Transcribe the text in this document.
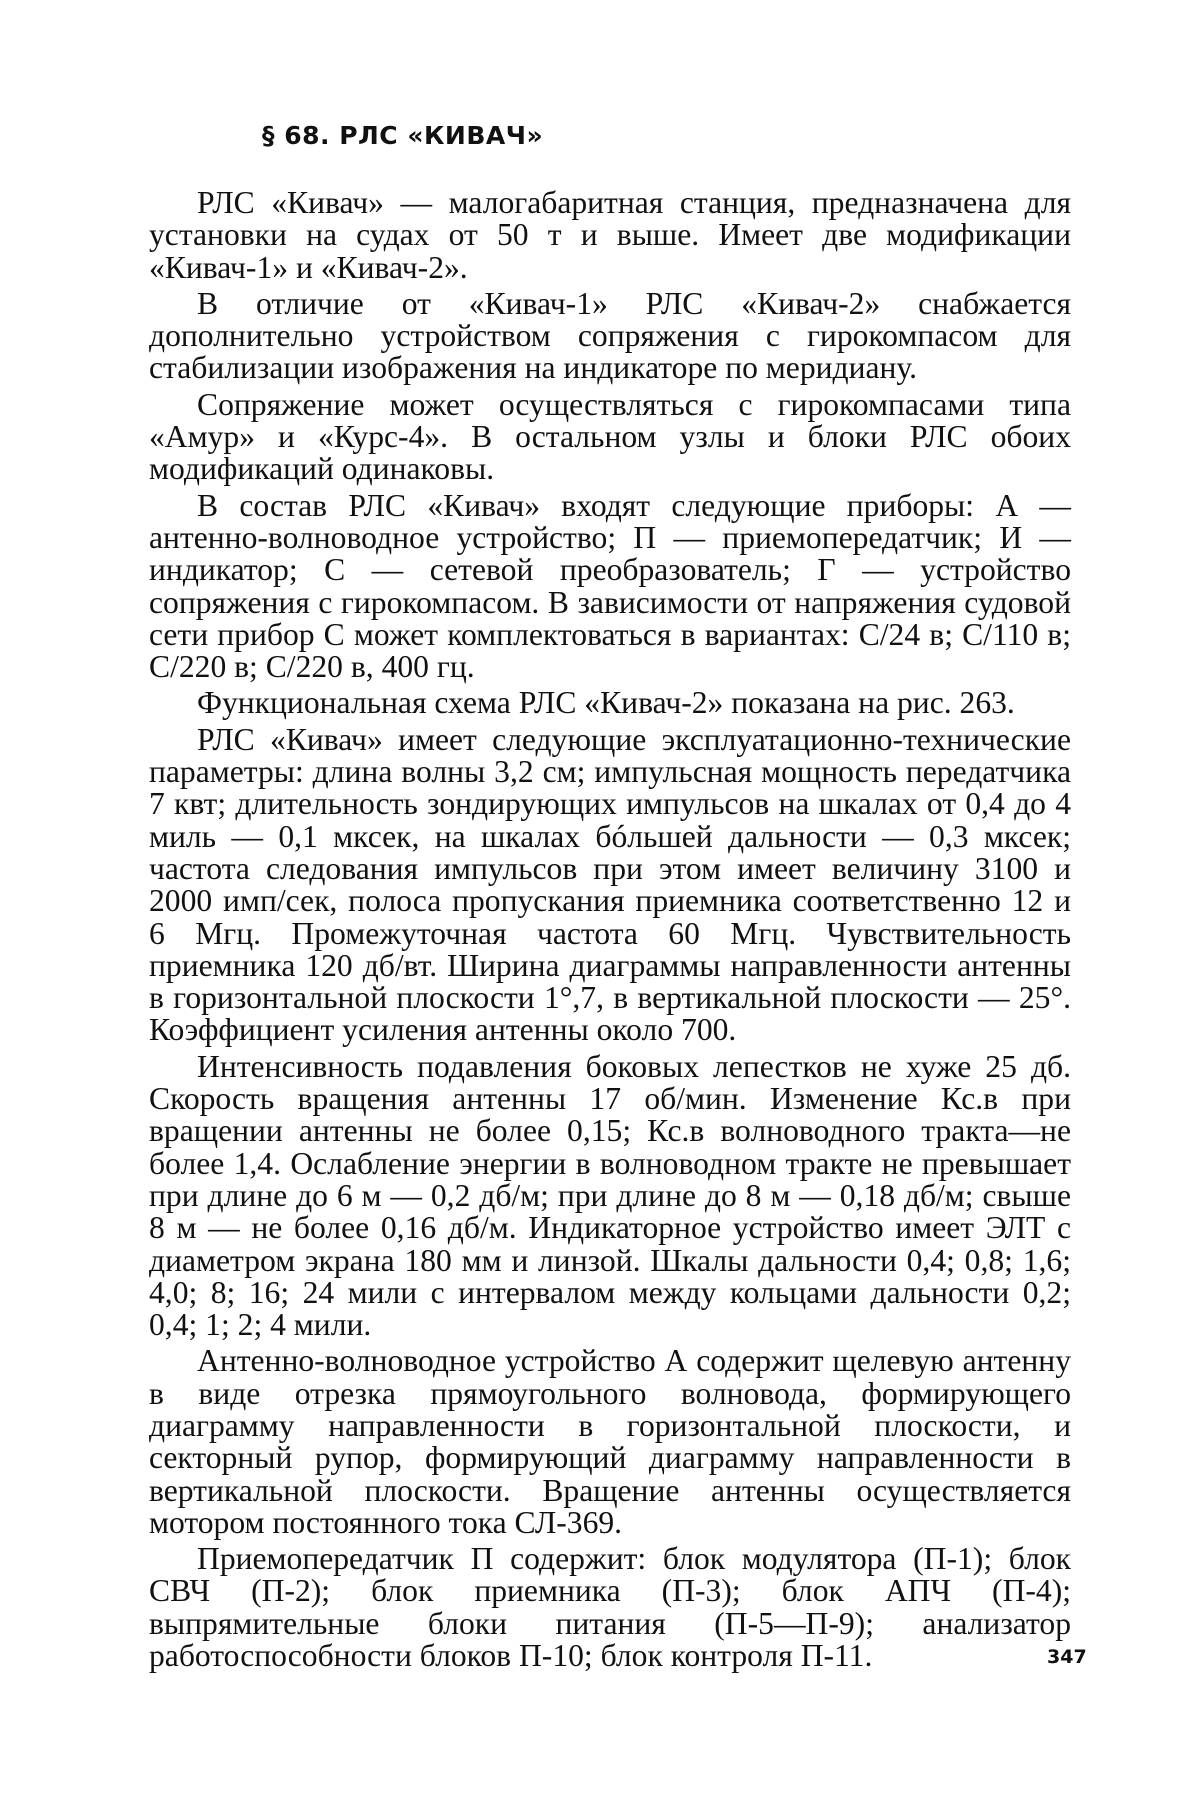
§ 68. РЛС «КИВАЧ»

РЛС «Кивач» — малогабаритная станция, предназначена для установки на судах от 50 т и выше. Имеет две модификации «Кивач-1» и «Кивач-2».

В отличие от «Кивач-1» РЛС «Кивач-2» снабжается дополнительно устройством сопряжения с гирокомпасом для стабилизации изображения на индикаторе по меридиану.

Сопряжение может осуществляться с гирокомпасами типа «Амур» и «Курс-4». В остальном узлы и блоки РЛС обоих модификаций одинаковы.

В состав РЛС «Кивач» входят следующие приборы: А — антенно-волноводное устройство; П — приемопередатчик; И — индикатор; С — сетевой преобразователь; Г — устройство сопряжения с гирокомпасом. В зависимости от напряжения судовой сети прибор С может комплектоваться в вариантах: С/24 в; С/110 в; С/220 в; С/220 в, 400 гц.

Функциональная схема РЛС «Кивач-2» показана на рис. 263.

РЛС «Кивач» имеет следующие эксплуатационно-технические параметры: длина волны 3,2 см; импульсная мощность передатчика 7 квт; длительность зондирующих импульсов на шкалах от 0,4 до 4 миль — 0,1 мксек, на шкалах бóльшей дальности — 0,3 мксек; частота следования импульсов при этом имеет величину 3100 и 2000 имп/сек, полоса пропускания приемника соответственно 12 и 6 Мгц. Промежуточная частота 60 Мгц. Чувствительность приемника 120 дб/вт. Ширина диаграммы направленности антенны в горизонтальной плоскости 1°,7, в вертикальной плоскости — 25°. Коэффициент усиления антенны около 700.

Интенсивность подавления боковых лепестков не хуже 25 дб. Скорость вращения антенны 17 об/мин. Изменение Кс.в при вращении антенны не более 0,15; Кс.в волноводного тракта—не более 1,4. Ослабление энергии в волноводном тракте не превышает при длине до 6 м — 0,2 дб/м; при длине до 8 м — 0,18 дб/м; свыше 8 м — не более 0,16 дб/м. Индикаторное устройство имеет ЭЛТ с диаметром экрана 180 мм и линзой. Шкалы дальности 0,4; 0,8; 1,6; 4,0; 8; 16; 24 мили с интервалом между кольцами дальности 0,2; 0,4; 1; 2; 4 мили.

Антенно-волноводное устройство А содержит щелевую антенну в виде отрезка прямоугольного волновода, формирующего диаграмму направленности в горизонтальной плоскости, и секторный рупор, формирующий диаграмму направленности в вертикальной плоскости. Вращение антенны осуществляется мотором постоянного тока СЛ-369.

Приемопередатчик П содержит: блок модулятора (П-1); блок СВЧ (П-2); блок приемника (П-3); блок АПЧ (П-4); выпрямительные блоки питания (П-5—П-9); анализатор работоспособности блоков П-10; блок контроля П-11.	347
